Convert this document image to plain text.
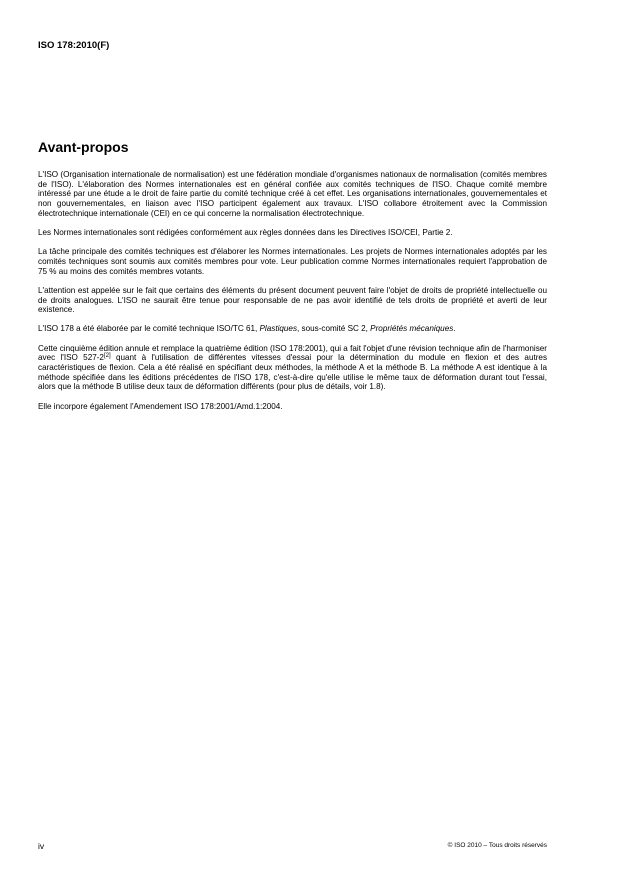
ISO 178:2010(F)
Avant-propos

L'ISO (Organisation internationale de normalisation) est une fédération mondiale d'organismes nationaux de normalisation (comités membres de l'ISO). L'élaboration des Normes internationales est en général confiée aux comités techniques de l'ISO. Chaque comité membre intéressé par une étude a le droit de faire partie du comité technique créé à cet effet. Les organisations internationales, gouvernementales et non gouvernementales, en liaison avec l'ISO participent également aux travaux. L'ISO collabore étroitement avec la Commission électrotechnique internationale (CEI) en ce qui concerne la normalisation électrotechnique.

Les Normes internationales sont rédigées conformément aux règles données dans les Directives ISO/CEI, Partie 2.

La tâche principale des comités techniques est d'élaborer les Normes internationales. Les projets de Normes internationales adoptés par les comités techniques sont soumis aux comités membres pour vote. Leur publication comme Normes internationales requiert l'approbation de 75 % au moins des comités membres votants.

L'attention est appelée sur le fait que certains des éléments du présent document peuvent faire l'objet de droits de propriété intellectuelle ou de droits analogues. L'ISO ne saurait être tenue pour responsable de ne pas avoir identifié de tels droits de propriété et averti de leur existence.

L'ISO 178 a été élaborée par le comité technique ISO/TC 61, Plastiques, sous-comité SC 2, Propriétés mécaniques.

Cette cinquième édition annule et remplace la quatrième édition (ISO 178:2001), qui a fait l'objet d'une révision technique afin de l'harmoniser avec l'ISO 527-2[2] quant à l'utilisation de différentes vitesses d'essai pour la détermination du module en flexion et des autres caractéristiques de flexion. Cela a été réalisé en spécifiant deux méthodes, la méthode A et la méthode B. La méthode A est identique à la méthode spécifiée dans les éditions précédentes de l'ISO 178, c'est-à-dire qu'elle utilise le même taux de déformation durant tout l'essai, alors que la méthode B utilise deux taux de déformation différents (pour plus de détails, voir 1.8).

Elle incorpore également l'Amendement ISO 178:2001/Amd.1:2004.

iv	© ISO 2010 – Tous droits réservés
